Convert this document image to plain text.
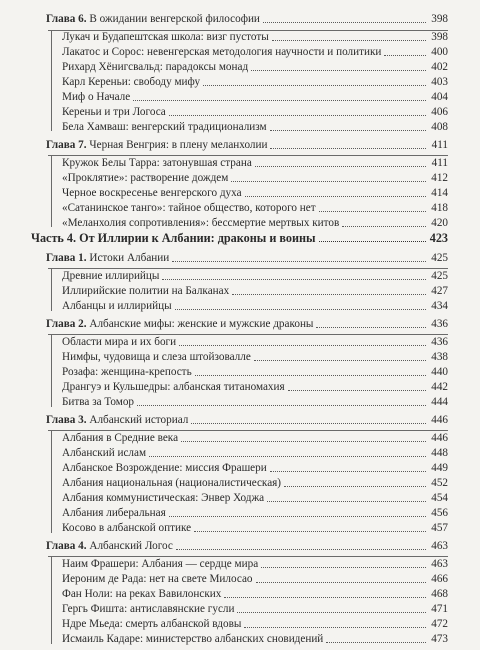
Глава 6. В ожидании венгерской философии	398
Лукач и Будапештская школа: визг пустоты	398
Лакатос и Сорос: невенгерская методология научности и политики	400
Рихард Хёнигсвальд: парадоксы монад	402
Карл Кереньи: свободу мифу	403
Миф о Начале	404
Кереньи и три Логоса	406
Бела Хамваш: венгерский традиционализм	408
Глава 7. Черная Венгрия: в плену меланхолии	411
Кружок Белы Тарра: затонувшая страна	411
«Проклятие»: растворение дождем	412
Черное воскресенье венгерского духа	414
«Сатанинское танго»: тайное общество, которого нет	418
«Меланхолия сопротивления»: бессмертие мертвых китов	420
Часть 4. От Иллирии к Албании: драконы и воины	423
Глава 1. Истоки Албании	425
Древние иллирийцы	425
Иллирийские политии на Балканах	427
Албанцы и иллирийцы	434
Глава 2. Албанские мифы: женские и мужские драконы	436
Области мира и их боги	436
Нимфы, чудовища и слеза штойзовалле	438
Розафа: женщина-крепость	440
Дрангуэ и Кульшедры: албанская титаномахия	442
Битва за Томор	444
Глава 3. Албанский историал	446
Албания в Средние века	446
Албанский ислам	448
Албанское Возрождение: миссия Фрашери	449
Албания национальная (националистическая)	452
Албания коммунистическая: Энвер Ходжа	454
Албания либеральная	456
Косово в албанской оптике	457
Глава 4. Албанский Логос	463
Наим Фрашери: Албания — сердце мира	463
Иероним де Рада: нет на свете Милосао	466
Фан Ноли: на реках Вавилонских	468
Гергь Фишта: антиславянские гусли	471
Ндре Мьеда: смерть албанской вдовы	472
Исмаиль Кадаре: министерство албанских сновидений	473
